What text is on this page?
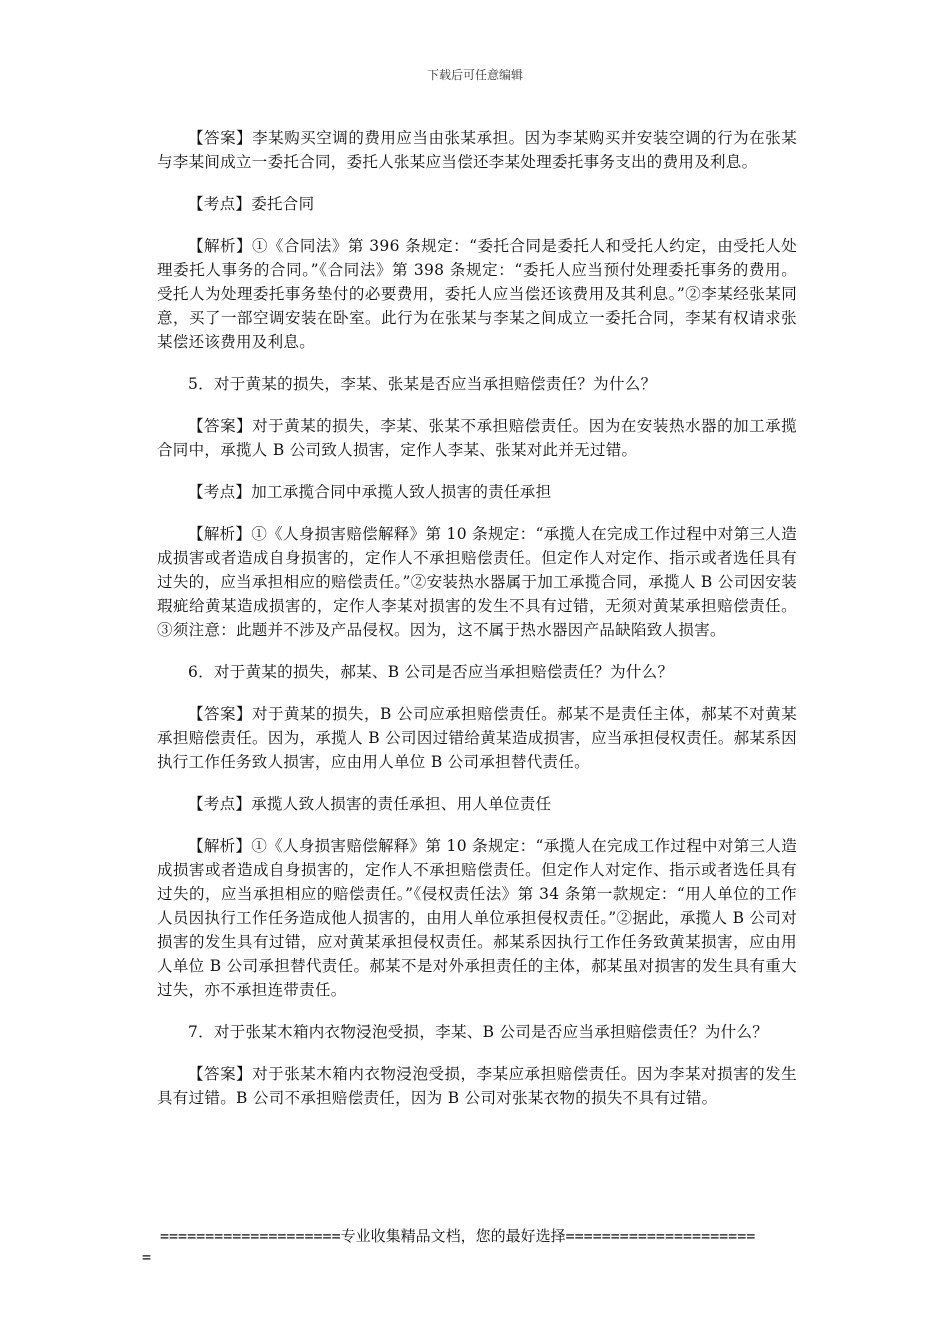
下载后可任意编辑

【答案】李某购买空调的费用应当由张某承担。因为李某购买并安装空调的行为在张某与李某间成立一委托合同，委托人张某应当偿还李某处理委托事务支出的费用及利息。

【考点】委托合同

【解析】①《合同法》第 396 条规定：“委托合同是委托人和受托人约定，由受托人处理委托人事务的合同。”《合同法》第 398 条规定：“委托人应当预付处理委托事务的费用。受托人为处理委托事务垫付的必要费用，委托人应当偿还该费用及其利息。”②李某经张某同意，买了一部空调安装在卧室。此行为在张某与李某之间成立一委托合同，李某有权请求张某偿还该费用及利息。

5．对于黄某的损失，李某、张某是否应当承担赔偿责任？为什么？

【答案】对于黄某的损失，李某、张某不承担赔偿责任。因为在安装热水器的加工承揽合同中，承揽人 B 公司致人损害，定作人李某、张某对此并无过错。

【考点】加工承揽合同中承揽人致人损害的责任承担

【解析】①《人身损害赔偿解释》第 10 条规定：“承揽人在完成工作过程中对第三人造成损害或者造成自身损害的，定作人不承担赔偿责任。但定作人对定作、指示或者选任具有过失的，应当承担相应的赔偿责任。”②安装热水器属于加工承揽合同，承揽人 B 公司因安装瑕疵给黄某造成损害的，定作人李某对损害的发生不具有过错，无须对黄某承担赔偿责任。③须注意：此题并不涉及产品侵权。因为，这不属于热水器因产品缺陷致人损害。

6．对于黄某的损失，郝某、B 公司是否应当承担赔偿责任？为什么？

【答案】对于黄某的损失，B 公司应承担赔偿责任。郝某不是责任主体，郝某不对黄某承担赔偿责任。因为，承揽人 B 公司因过错给黄某造成损害，应当承担侵权责任。郝某系因执行工作任务致人损害，应由用人单位 B 公司承担替代责任。

【考点】承揽人致人损害的责任承担、用人单位责任

【解析】①《人身损害赔偿解释》第 10 条规定：“承揽人在完成工作过程中对第三人造成损害或者造成自身损害的，定作人不承担赔偿责任。但定作人对定作、指示或者选任具有过失的，应当承担相应的赔偿责任。”《侵权责任法》第 34 条第一款规定：“用人单位的工作人员因执行工作任务造成他人损害的，由用人单位承担侵权责任。”②据此，承揽人 B 公司对损害的发生具有过错，应对黄某承担侵权责任。郝某系因执行工作任务致黄某损害，应由用人单位 B 公司承担替代责任。郝某不是对外承担责任的主体，郝某虽对损害的发生具有重大过失，亦不承担连带责任。

7．对于张某木箱内衣物浸泡受损，李某、B 公司是否应当承担赔偿责任？为什么？

【答案】对于张某木箱内衣物浸泡受损，李某应承担赔偿责任。因为李某对损害的发生具有过错。B 公司不承担赔偿责任，因为 B 公司对张某衣物的损失不具有过错。

====================专业收集精品文档，您的最好选择=====================
=
